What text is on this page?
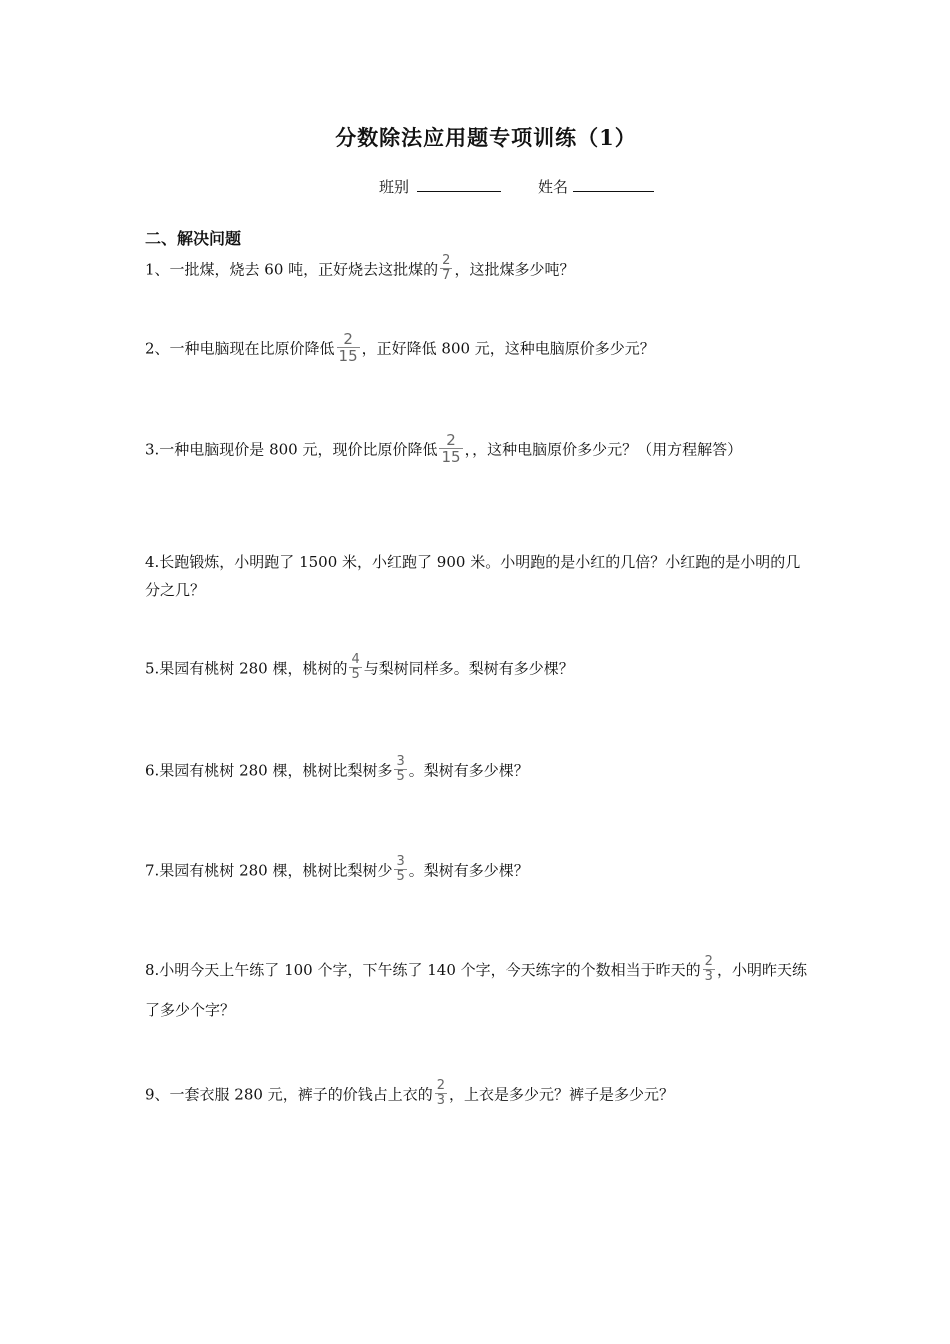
分数除法应用题专项训练（1）
班别	姓名
二、解决问题
1、一批煤，烧去 60 吨，正好烧去这批煤的 $\frac{2}{7}$ ，这批煤多少吨？
2、一种电脑现在比原价降低 $\frac{2}{15}$ ，正好降低 800 元，这种电脑原价多少元？
3.一种电脑现价是 800 元，现价比原价降低 $\frac{2}{15}$ ，，这种电脑原价多少元？（用方程解答）
4.长跑锻炼，小明跑了 1500 米，小红跑了 900 米。小明跑的是小红的几倍？小红跑的是小明的几分之几？
5.果园有桃树 280 棵，桃树的 $\frac{4}{5}$ 与梨树同样多。梨树有多少棵？
6.果园有桃树 280 棵，桃树比梨树多 $\frac{3}{5}$ 。梨树有多少棵？
7.果园有桃树 280 棵，桃树比梨树少 $\frac{3}{5}$ 。梨树有多少棵？
8.小明今天上午练了 100 个字，下午练了 140 个字，今天练字的个数相当于昨天的 $\frac{2}{3}$ ，小明昨天练了多少个字？
9、一套衣服 280 元，裤子的价钱占上衣的 $\frac{2}{3}$ ，上衣是多少元？裤子是多少元？
